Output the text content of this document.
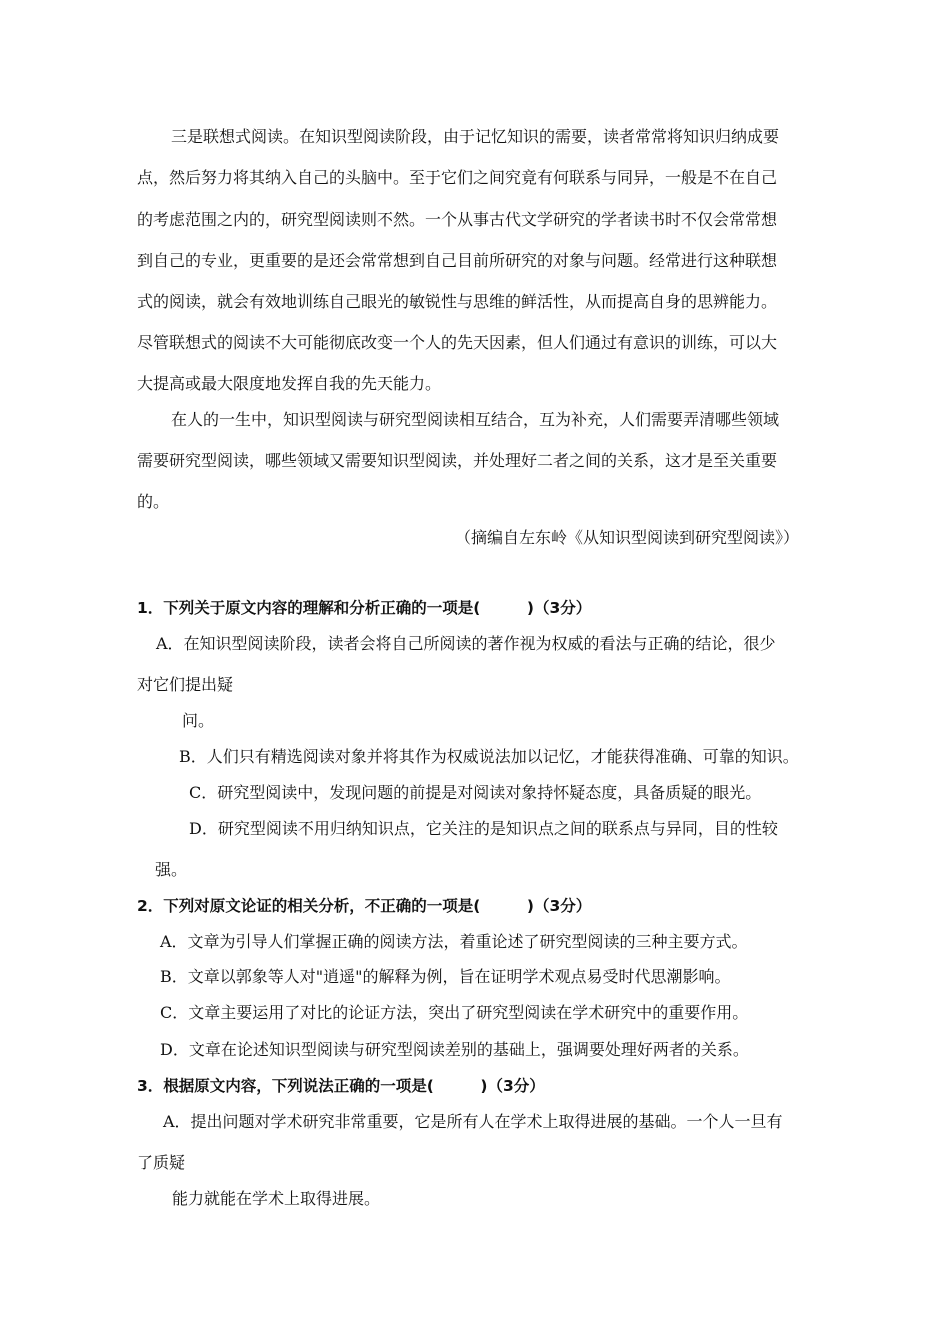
三是联想式阅读。在知识型阅读阶段，由于记忆知识的需要，读者常常将知识归纳成要
点，然后努力将其纳入自己的头脑中。至于它们之间究竟有何联系与同异，一般是不在自己
的考虑范围之内的，研究型阅读则不然。一个从事古代文学研究的学者读书时不仅会常常想
到自己的专业，更重要的是还会常常想到自己目前所研究的对象与问题。经常进行这种联想
式的阅读，就会有效地训练自己眼光的敏锐性与思维的鲜活性，从而提高自身的思辨能力。
尽管联想式的阅读不大可能彻底改变一个人的先天因素，但人们通过有意识的训练，可以大
大提高或最大限度地发挥自我的先天能力。
在人的一生中，知识型阅读与研究型阅读相互结合，互为补充，人们需要弄清哪些领域
需要研究型阅读，哪些领域又需要知识型阅读，并处理好二者之间的关系，这才是至关重要
的。
（摘编自左东岭《从知识型阅读到研究型阅读》）
1．下列关于原文内容的理解和分析正确的一项是(　　　)（3分）
A．在知识型阅读阶段，读者会将自己所阅读的著作视为权威的看法与正确的结论，很少
对它们提出疑
问。
B．人们只有精选阅读对象并将其作为权威说法加以记忆，才能获得准确、可靠的知识。
C．研究型阅读中，发现问题的前提是对阅读对象持怀疑态度，具备质疑的眼光。
D．研究型阅读不用归纳知识点，它关注的是知识点之间的联系点与异同，目的性较
强。
2．下列对原文论证的相关分析，不正确的一项是(　　　)（3分）
A．文章为引导人们掌握正确的阅读方法，着重论述了研究型阅读的三种主要方式。
B．文章以郭象等人对"逍遥"的解释为例，旨在证明学术观点易受时代思潮影响。
C．文章主要运用了对比的论证方法，突出了研究型阅读在学术研究中的重要作用。
D．文章在论述知识型阅读与研究型阅读差别的基础上，强调要处理好两者的关系。
3．根据原文内容，下列说法正确的一项是(　　　)（3分）
A．提出问题对学术研究非常重要，它是所有人在学术上取得进展的基础。一个人一旦有
了质疑
能力就能在学术上取得进展。
